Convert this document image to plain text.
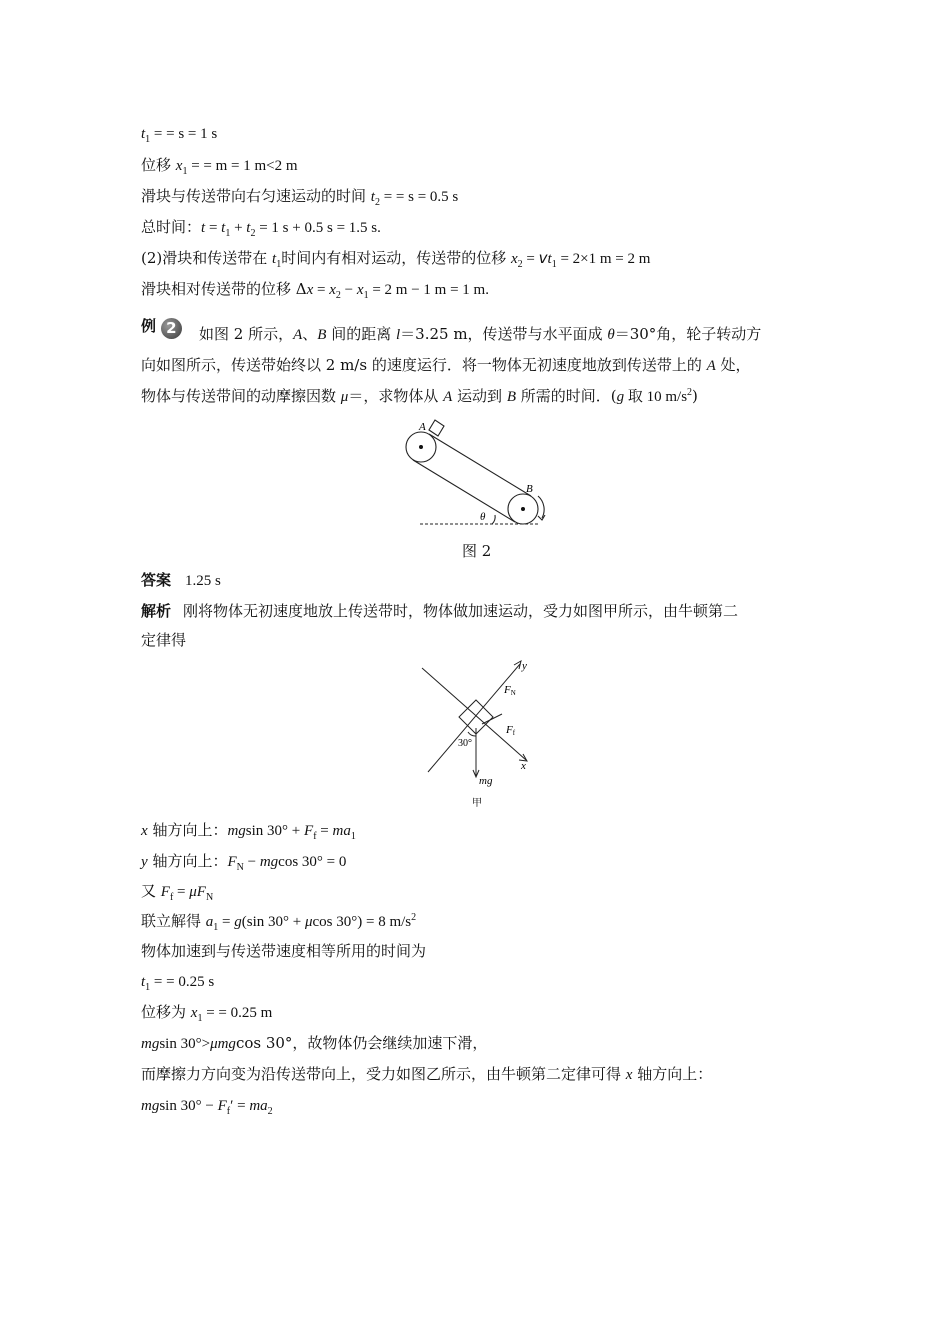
$t_1$ = = s = 1 s
位移 $x_1$ = = m = 1 m<2 m
滑块与传送带向右匀速运动的时间 $t_2$ = = s = 0.5 s
总时间：$t = t_1 + t_2 = 1$ s + 0.5 s = 1.5 s.
(2)滑块和传送带在 $t_1$时间内有相对运动，传送带的位移 $x_2 = vt_1 = 2\times 1$ m = 2 m
滑块相对传送带的位移 $\Delta x = x_2 - x_1 = 2$ m − 1 m = 1 m.
例 2	如图 2 所示，A、B 间的距离 l＝3.25 m，传送带与水平面成 θ＝30°角，轮子转动方
向如图所示，传送带始终以 2 m/s 的速度运行．将一物体无初速度地放到传送带上的 A 处，
物体与传送带间的动摩擦因数 μ＝，求物体从 A 运动到 B 所需的时间．(g 取 10 $m/s^2$)
A
B
θ
图 2
答案 1.25 s
解析 刚将物体无初速度地放上传送带时，物体做加速运动，受力如图甲所示，由牛顿第二
定律得
y
x
FN
Ff
30°
mg
甲
x 轴方向上：mgsin $30^\circ + F_f = ma_1$
y 轴方向上：$F_N - mgcos$ 30° = 0
又 $F_f = \mu F_N$
联立解得 $a_1 = g(\sin$ 30° + μcos 30°) = 8 $m/s^2$
物体加速到与传送带速度相等所用的时间为
$t_1$ = = 0.25 s
位移为 $x_1$ = = 0.25 m
mgsin 30°>μmgcos 30°，故物体仍会继续加速下滑，
而摩擦力方向变为沿传送带向上，受力如图乙所示，由牛顿第二定律可得 x 轴方向上：
mgsin $30^\circ - F_f' = ma_2$
